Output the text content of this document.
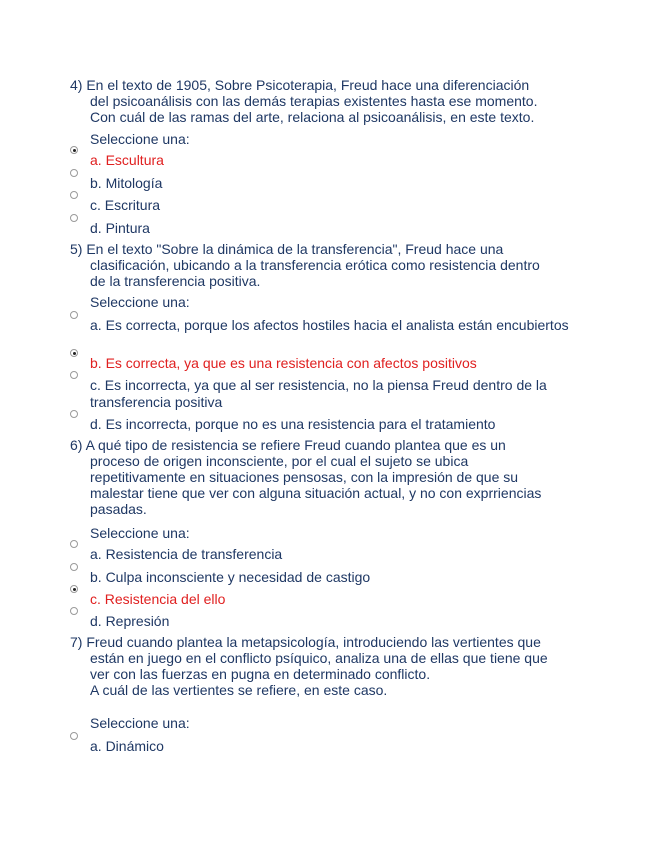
4) En el texto de 1905, Sobre Psicoterapia, Freud hace una diferenciación
del psicoanálisis con las demás terapias existentes hasta ese momento.
Con cuál de las ramas del arte, relaciona al psicoanálisis, en este texto.
Seleccione una:
a. Escultura
b. Mitología
c. Escritura
d. Pintura
5) En el texto "Sobre la dinámica de la transferencia", Freud hace una
clasificación, ubicando a la transferencia erótica como resistencia dentro
de la transferencia positiva.
Seleccione una:
a. Es correcta, porque los afectos hostiles hacia el analista están encubiertos
b. Es correcta, ya que es una resistencia con afectos positivos
c. Es incorrecta, ya que al ser resistencia, no la piensa Freud dentro de la transferencia positiva
d. Es incorrecta, porque no es una resistencia para el tratamiento
6) A qué tipo de resistencia se refiere Freud cuando plantea que es un
proceso de origen inconsciente, por el cual el sujeto se ubica
repetitivamente en situaciones pensosas, con la impresión de que su
malestar tiene que ver con alguna situación actual, y no con exprriencias
pasadas.
Seleccione una:
a. Resistencia de transferencia
b. Culpa inconsciente y necesidad de castigo
c. Resistencia del ello
d. Represión
7) Freud cuando plantea la metapsicología, introduciendo las vertientes que
están en juego en el conflicto psíquico, analiza una de ellas que tiene que
ver con las fuerzas en pugna en determinado conflicto.
A cuál de las vertientes se refiere, en este caso.
Seleccione una:
a. Dinámico
